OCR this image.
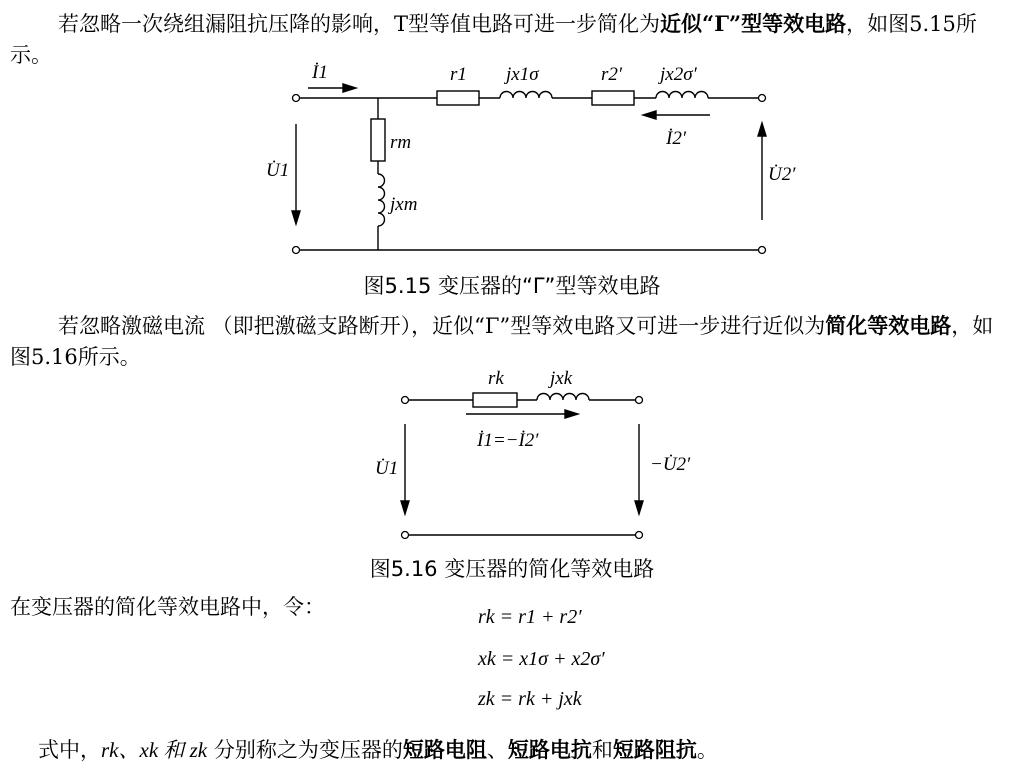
若忽略一次绕组漏阻抗压降的影响，T型等值电路可进一步简化为近似“Γ”型等效电路，如图5.15所示。

İ1	r1 jx1σ	r2′ jx2σ′
İ2′
U̇1	U̇2′
rm
jxm

图5.15 变压器的“Γ”型等效电路

若忽略激磁电流 （即把激磁支路断开），近似“Γ”型等效电路又可进一步进行近似为简化等效电路，如图5.16所示。

rk jxk
İ1=−İ2′
U̇1	−U̇2′

图5.16 变压器的简化等效电路

在变压器的简化等效电路中，令：	rk = r1 + r2′
xk = x1σ + x2σ′
zk = rk + jxk

式中，rk、xk 和 zk 分别称之为变压器的短路电阻、短路电抗和短路阻抗。
